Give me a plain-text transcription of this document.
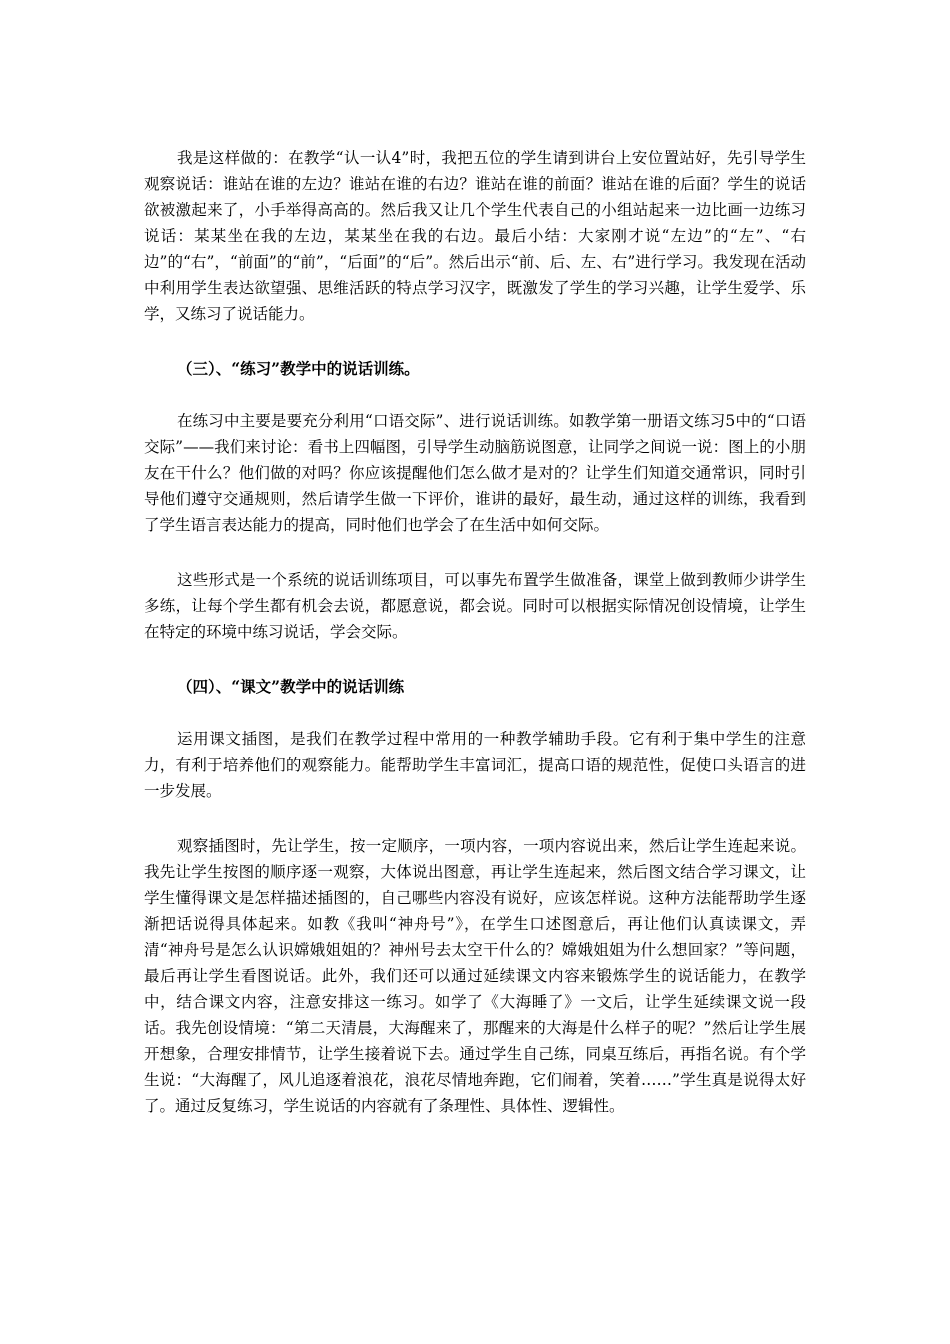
我是这样做的：在教学“认一认4”时，我把五位的学生请到讲台上安位置站好，先引导学生观察说话：谁站在谁的左边？谁站在谁的右边？谁站在谁的前面？谁站在谁的后面？学生的说话欲被激起来了，小手举得高高的。然后我又让几个学生代表自己的小组站起来一边比画一边练习说话：某某坐在我的左边，某某坐在我的右边。最后小结：大家刚才说“左边”的“左”、“右边”的“右”，“前面”的“前”，“后面”的“后”。然后出示“前、后、左、右”进行学习。我发现在活动中利用学生表达欲望强、思维活跃的特点学习汉字，既激发了学生的学习兴趣，让学生爱学、乐学，又练习了说话能力。

（三）、“练习”教学中的说话训练。

在练习中主要是要充分利用“口语交际”、进行说话训练。如教学第一册语文练习5中的“口语交际”——我们来讨论：看书上四幅图，引导学生动脑筋说图意，让同学之间说一说：图上的小朋友在干什么？他们做的对吗？你应该提醒他们怎么做才是对的？让学生们知道交通常识，同时引导他们遵守交通规则，然后请学生做一下评价，谁讲的最好，最生动，通过这样的训练，我看到了学生语言表达能力的提高，同时他们也学会了在生活中如何交际。

这些形式是一个系统的说话训练项目，可以事先布置学生做准备，课堂上做到教师少讲学生多练，让每个学生都有机会去说，都愿意说，都会说。同时可以根据实际情况创设情境，让学生在特定的环境中练习说话，学会交际。

（四）、“课文”教学中的说话训练

运用课文插图，是我们在教学过程中常用的一种教学辅助手段。它有利于集中学生的注意力，有利于培养他们的观察能力。能帮助学生丰富词汇，提高口语的规范性，促使口头语言的进一步发展。

观察插图时，先让学生，按一定顺序，一项内容，一项内容说出来，然后让学生连起来说。我先让学生按图的顺序逐一观察，大体说出图意，再让学生连起来，然后图文结合学习课文，让学生懂得课文是怎样描述插图的，自己哪些内容没有说好，应该怎样说。这种方法能帮助学生逐渐把话说得具体起来。如教《我叫“神舟号”》，在学生口述图意后，再让他们认真读课文，弄清“神舟号是怎么认识嫦娥姐姐的？神州号去太空干什么的？嫦娥姐姐为什么想回家？”等问题，最后再让学生看图说话。此外，我们还可以通过延续课文内容来锻炼学生的说话能力，在教学中，结合课文内容，注意安排这一练习。如学了《大海睡了》一文后，让学生延续课文说一段话。我先创设情境：“第二天清晨，大海醒来了，那醒来的大海是什么样子的呢？”然后让学生展开想象，合理安排情节，让学生接着说下去。通过学生自己练，同桌互练后，再指名说。有个学生说：“大海醒了，风儿追逐着浪花，浪花尽情地奔跑，它们闹着，笑着……”学生真是说得太好了。通过反复练习，学生说话的内容就有了条理性、具体性、逻辑性。
